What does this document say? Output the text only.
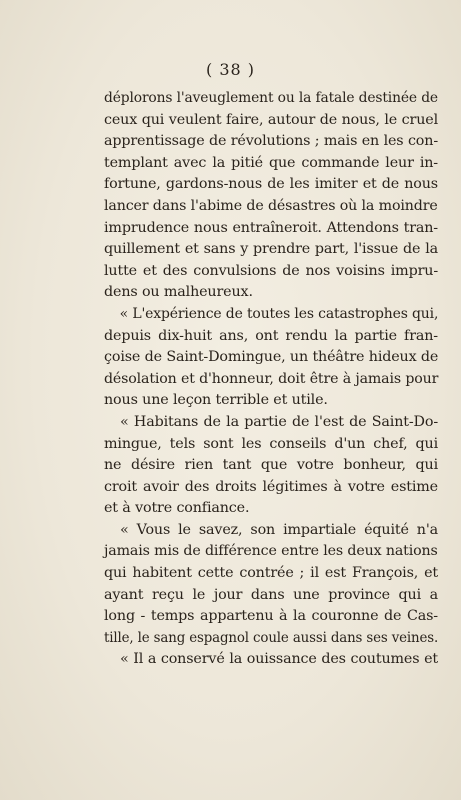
( 38 )
déplorons l'aveuglement ou la fatale destinée de
ceux qui veulent faire, autour de nous, le cruel
apprentissage de révolutions ; mais en les con-
templant avec la pitié que commande leur in-
fortune, gardons-nous de les imiter et de nous
lancer dans l'abime de désastres où la moindre
imprudence nous entraîneroit. Attendons tran-
quillement et sans y prendre part, l'issue de la
lutte et des convulsions de nos voisins impru-
dens ou malheureux.
« L'expérience de toutes les catastrophes qui,
depuis dix-huit ans, ont rendu la partie fran-
çoise de Saint-Domingue, un théâtre hideux de
désolation et d'honneur, doit être à jamais pour
nous une leçon terrible et utile.
« Habitans de la partie de l'est de Saint-Do-
mingue, tels sont les conseils d'un chef, qui
ne désire rien tant que votre bonheur, qui
croit avoir des droits légitimes à votre estime
et à votre confiance.
« Vous le savez, son impartiale équité n'a
jamais mis de différence entre les deux nations
qui habitent cette contrée ; il est François, et
ayant reçu le jour dans une province qui a
long - temps appartenu à la couronne de Cas-
tille, le sang espagnol coule aussi dans ses veines.
« Il a conservé la ouissance des coutumes et
